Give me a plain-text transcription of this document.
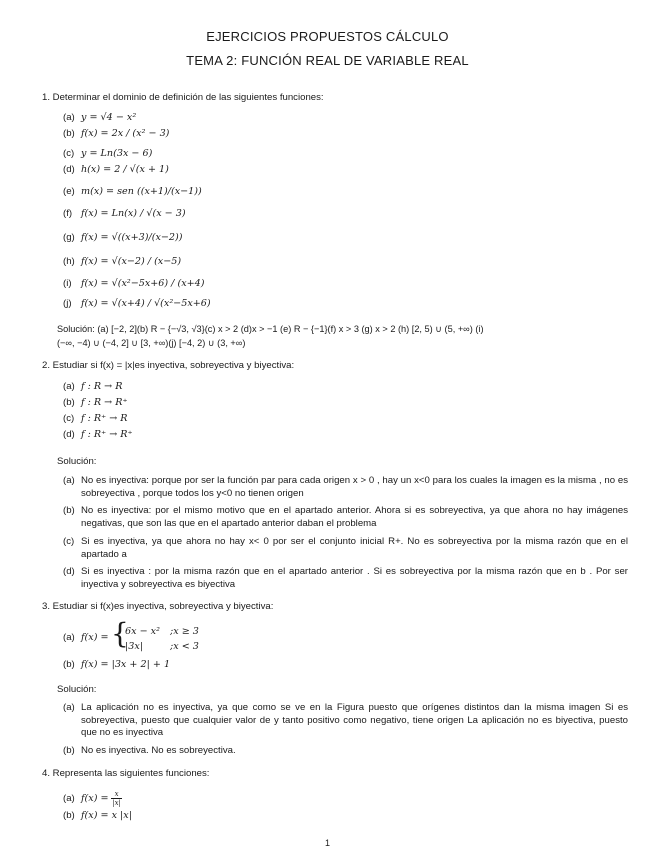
EJERCICIOS PROPUESTOS CÁLCULO
TEMA 2: FUNCIÓN REAL DE VARIABLE REAL
1. Determinar el dominio de definición de las siguientes funciones:
(a) y = √4 − x²
(b) f(x) = 2x / (x² − 3)
(c) y = Ln(3x − 6)
(d) h(x) = 2 / √(x + 1)
(e) m(x) = sen ((x+1)/(x−1))
(f) f(x) = Ln(x) / √(x − 3)
(g) f(x) = √((x+3)/(x−2))
(h) f(x) = √(x−2) / (x−5)
(i) f(x) = √(x²−5x+6) / (x+4)
(j) f(x) = √(x+4) / √(x²−5x+6)
Solución: (a) [−2, 2](b) R − {−√3, √3}(c) x > 2 (d)x > −1 (e) R − {−1}(f) x > 3 (g) x > 2 (h) [2, 5) ∪ (5, +∞) (i)
(−∞, −4) ∪ (−4, 2] ∪ [3, +∞)(j) [−4, 2) ∪ (3, +∞)
2. Estudiar si f(x) = |x|es inyectiva, sobreyectiva y biyectiva:
(a) f : R → R
(b) f : R → R⁺
(c) f : R⁺ → R
(d) f : R⁺ → R⁺
Solución:
(a) No es inyectiva: porque por ser la función par para cada origen x > 0 , hay un x<0 para los cuales la imagen es la misma , no es sobreyectiva , porque todos los y<0 no tienen origen
(b) No es inyectiva: por el mismo motivo que en el apartado anterior. Ahora si es sobreyectiva, ya que ahora no hay imágenes negativas, que son las que en el apartado anterior daban el problema
(c) Si es inyectiva, ya que ahora no hay x< 0 por ser el conjunto inicial R+. No es sobreyectiva por la misma razón que en el apartado a
(d) Si es inyectiva : por la misma razón que en el apartado anterior . Si es sobreyectiva por la misma razón que en b . Por ser inyectiva y sobreyectiva es biyectiva
3. Estudiar si f(x)es inyectiva, sobreyectiva y biyectiva:
(a) f(x) = {
6x − x² ;x ≥ 3
|3x|	;x < 3
(b) f(x) = |3x + 2| + 1
Solución:
(a) La aplicación no es inyectiva, ya que como se ve en la Figura puesto que orígenes distintos dan la misma imagen Si es sobreyectiva, puesto que cualquier valor de y tanto positivo como negativo, tiene origen La aplicación no es biyectiva, puesto que no es inyectiva
(b) No es inyectiva. No es sobreyectiva.
4. Representa las siguientes funciones:
(a) $f(x) = \frac{x}{|x|}$
(b) f(x) = x |x|
1
